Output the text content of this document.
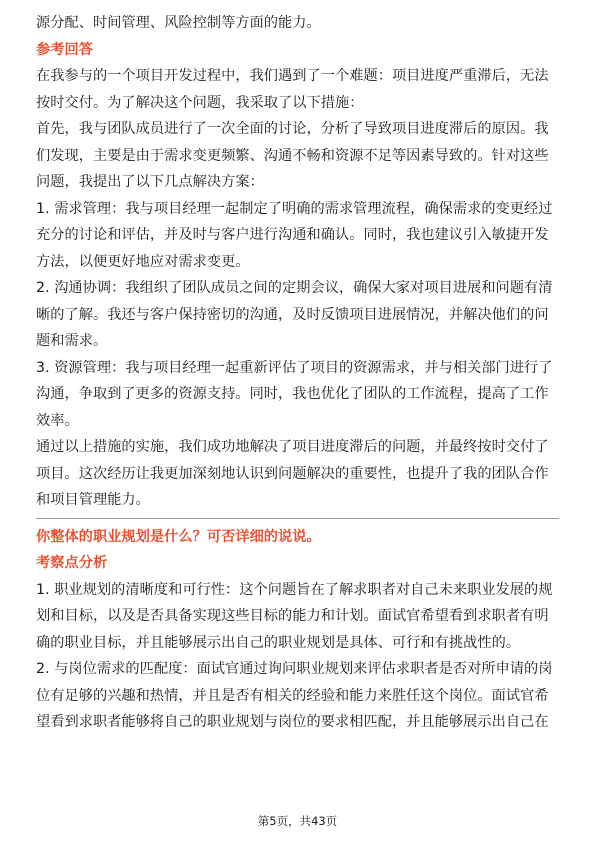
源分配、时间管理、风险控制等方面的能力。
参考回答
在我参与的一个项目开发过程中，我们遇到了一个难题：项目进度严重滞后，无法
按时交付。为了解决这个问题，我采取了以下措施：
首先，我与团队成员进行了一次全面的讨论，分析了导致项目进度滞后的原因。我
们发现，主要是由于需求变更频繁、沟通不畅和资源不足等因素导致的。针对这些
问题，我提出了以下几点解决方案：
1. 需求管理：我与项目经理一起制定了明确的需求管理流程，确保需求的变更经过
充分的讨论和评估，并及时与客户进行沟通和确认。同时，我也建议引入敏捷开发
方法，以便更好地应对需求变更。
2. 沟通协调：我组织了团队成员之间的定期会议，确保大家对项目进展和问题有清
晰的了解。我还与客户保持密切的沟通，及时反馈项目进展情况，并解决他们的问
题和需求。
3. 资源管理：我与项目经理一起重新评估了项目的资源需求，并与相关部门进行了
沟通，争取到了更多的资源支持。同时，我也优化了团队的工作流程，提高了工作
效率。
通过以上措施的实施，我们成功地解决了项目进度滞后的问题，并最终按时交付了
项目。这次经历让我更加深刻地认识到问题解决的重要性，也提升了我的团队合作
和项目管理能力。
你整体的职业规划是什么？可否详细的说说。
考察点分析
1. 职业规划的清晰度和可行性：这个问题旨在了解求职者对自己未来职业发展的规
划和目标，以及是否具备实现这些目标的能力和计划。面试官希望看到求职者有明
确的职业目标，并且能够展示出自己的职业规划是具体、可行和有挑战性的。
2. 与岗位需求的匹配度：面试官通过询问职业规划来评估求职者是否对所申请的岗
位有足够的兴趣和热情，并且是否有相关的经验和能力来胜任这个岗位。面试官希
望看到求职者能够将自己的职业规划与岗位的要求相匹配，并且能够展示出自己在
第5页，共43页
